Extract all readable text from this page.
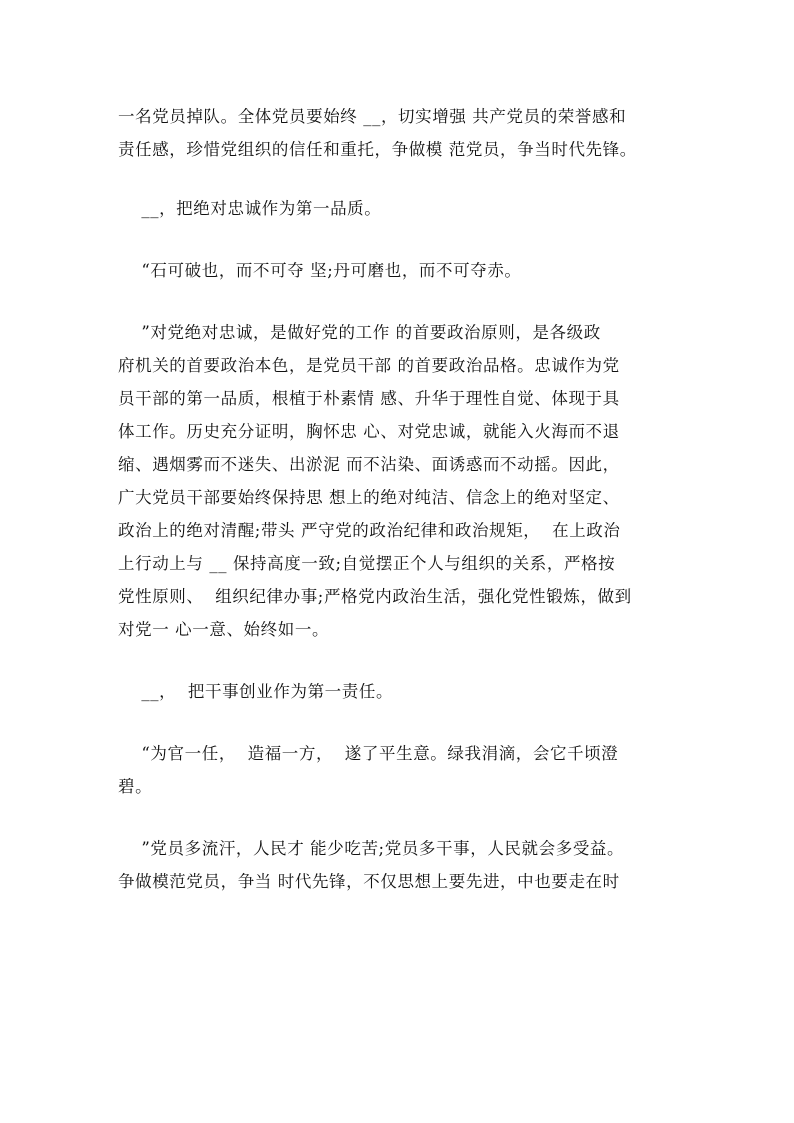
一名党员掉队。全体党员要始终 __，切实增强 共产党员的荣誉感和
责任感，珍惜党组织的信任和重托，争做模 范党员，争当时代先锋。

__，把绝对忠诚作为第一品质。

“石可破也，而不可夺 坚;丹可磨也，而不可夺赤。

”对党绝对忠诚，是做好党的工作 的首要政治原则，是各级政
府机关的首要政治本色，是党员干部 的首要政治品格。忠诚作为党
员干部的第一品质，根植于朴素情 感、升华于理性自觉、体现于具
体工作。历史充分证明，胸怀忠 心、对党忠诚，就能入火海而不退
缩、遇烟雾而不迷失、出淤泥 而不沾染、面诱惑而不动摇。因此，
广大党员干部要始终保持思 想上的绝对纯洁、信念上的绝对坚定、
政治上的绝对清醒;带头 严守党的政治纪律和政治规矩，  在上政治
上行动上与 __ 保持高度一致;自觉摆正个人与组织的关系，严格按
党性原则、  组织纪律办事;严格党内政治生活，强化党性锻炼，做到
对党一 心一意、始终如一。

__，  把干事创业作为第一责任。

“为官一任，  造福一方，  遂了平生意。绿我涓滴，会它千顷澄
碧。

”党员多流汗，人民才 能少吃苦;党员多干事，人民就会多受益。
争做模范党员，争当 时代先锋，不仅思想上要先进，中也要走在时
